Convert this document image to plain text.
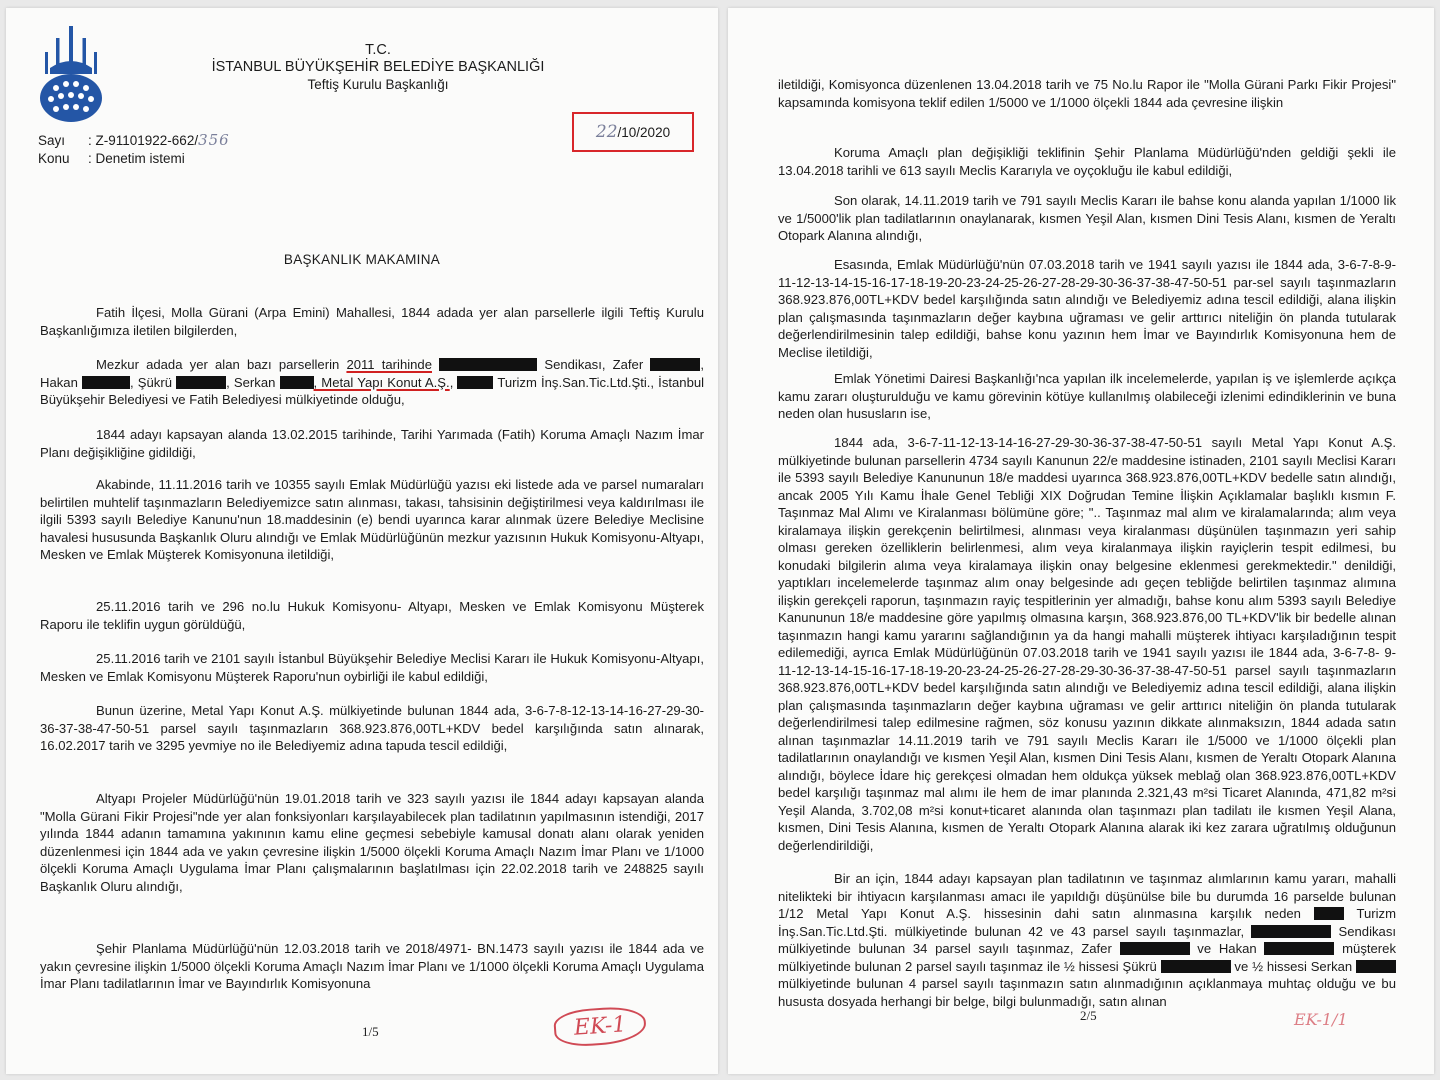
T.C.
İSTANBUL BÜYÜKŞEHİR BELEDİYE BAŞKANLIĞI
Teftiş Kurulu Başkanlığı
Sayı : Z-91101922-662/356
Konu : Denetim istemi
22/10/2020
BAŞKANLIK MAKAMINA

Fatih İlçesi, Molla Gürani (Arpa Emini) Mahallesi, 1844 adada yer alan parsellerle ilgili Teftiş Kurulu Başkanlığımıza iletilen bilgilerden,

Mezkur adada yer alan bazı parsellerin 2011 tarihinde	Sendikası, Zafer	, Hakan	, Şükrü	, Serkan	, Metal Yapı Konut A.Ş.,	Turizm İnş.San.Tic.Ltd.Şti., İstanbul Büyükşehir Belediyesi ve Fatih Belediyesi mülkiyetinde olduğu,

1844 adayı kapsayan alanda 13.02.2015 tarihinde, Tarihi Yarımada (Fatih) Koruma Amaçlı Nazım İmar Planı değişikliğine gidildiği,

Akabinde, 11.11.2016 tarih ve 10355 sayılı Emlak Müdürlüğü yazısı eki listede ada ve parsel numaraları belirtilen muhtelif taşınmazların Belediyemizce satın alınması, takası, tahsisinin değiştirilmesi veya kaldırılması ile ilgili 5393 sayılı Belediye Kanunu'nun 18.maddesinin (e) bendi uyarınca karar alınmak üzere Belediye Meclisine havalesi hususunda Başkanlık Oluru alındığı ve Emlak Müdürlüğünün mezkur yazısının Hukuk Komisyonu-Altyapı, Mesken ve Emlak Müşterek Komisyonuna iletildiği,

25.11.2016 tarih ve 296 no.lu Hukuk Komisyonu- Altyapı, Mesken ve Emlak Komisyonu Müşterek Raporu ile teklifin uygun görüldüğü,

25.11.2016 tarih ve 2101 sayılı İstanbul Büyükşehir Belediye Meclisi Kararı ile Hukuk Komisyonu-Altyapı, Mesken ve Emlak Komisyonu Müşterek Raporu'nun oybirliği ile kabul edildiği,

Bunun üzerine, Metal Yapı Konut A.Ş. mülkiyetinde bulunan 1844 ada, 3-6-7-8-12-13-14-16-27-29-30-36-37-38-47-50-51 parsel sayılı taşınmazların 368.923.876,00TL+KDV bedel karşılığında satın alınarak, 16.02.2017 tarih ve 3295 yevmiye no ile Belediyemiz adına tapuda tescil edildiği,

Altyapı Projeler Müdürlüğü'nün 19.01.2018 tarih ve 323 sayılı yazısı ile 1844 adayı kapsayan alanda "Molla Gürani Fikir Projesi"nde yer alan fonksiyonları karşılayabilecek plan tadilatının yapılmasının istendiği, 2017 yılında 1844 adanın tamamına yakınının kamu eline geçmesi sebebiyle kamusal donatı alanı olarak yeniden düzenlenmesi için 1844 ada ve yakın çevresine ilişkin 1/5000 ölçekli Koruma Amaçlı Nazım İmar Planı ve 1/1000 ölçekli Koruma Amaçlı Uygulama İmar Planı çalışmalarının başlatılması için 22.02.2018 tarih ve 248825 sayılı Başkanlık Oluru alındığı,

Şehir Planlama Müdürlüğü'nün 12.03.2018 tarih ve 2018/4971- BN.1473 sayılı yazısı ile 1844 ada ve yakın çevresine ilişkin 1/5000 ölçekli Koruma Amaçlı Nazım İmar Planı ve 1/1000 ölçekli Koruma Amaçlı Uygulama İmar Planı tadilatlarının İmar ve Bayındırlık Komisyonuna

1/5	EK-1

iletildiği, Komisyonca düzenlenen 13.04.2018 tarih ve 75 No.lu Rapor ile "Molla Gürani Parkı Fikir Projesi" kapsamında komisyona teklif edilen 1/5000 ve 1/1000 ölçekli 1844 ada çevresine ilişkin

Koruma Amaçlı plan değişikliği teklifinin Şehir Planlama Müdürlüğü'nden geldiği şekli ile 13.04.2018 tarihli ve 613 sayılı Meclis Kararıyla ve oyçokluğu ile kabul edildiği,

Son olarak, 14.11.2019 tarih ve 791 sayılı Meclis Kararı ile bahse konu alanda yapılan 1/1000 lik ve 1/5000'lik plan tadilatlarının onaylanarak, kısmen Yeşil Alan, kısmen Dini Tesis Alanı, kısmen de Yeraltı Otopark Alanına alındığı,

Esasında, Emlak Müdürlüğü'nün 07.03.2018 tarih ve 1941 sayılı yazısı ile 1844 ada, 3-6-7-8-9-11-12-13-14-15-16-17-18-19-20-23-24-25-26-27-28-29-30-36-37-38-47-50-51 par-sel sayılı taşınmazların 368.923.876,00TL+KDV bedel karşılığında satın alındığı ve Belediyemiz adına tescil edildiği, alana ilişkin plan çalışmasında taşınmazların değer kaybına uğraması ve gelir arttırıcı niteliğin ön planda tutularak değerlendirilmesinin talep edildiği, bahse konu yazının hem İmar ve Bayındırlık Komisyonuna hem de Meclise iletildiği,

Emlak Yönetimi Dairesi Başkanlığı'nca yapılan ilk incelemelerde, yapılan iş ve işlemlerde açıkça kamu zararı oluşturulduğu ve kamu görevinin kötüye kullanılmış olabileceği izlenimi edindiklerinin ve buna neden olan hususların ise,

1844 ada, 3-6-7-11-12-13-14-16-27-29-30-36-37-38-47-50-51 sayılı Metal Yapı Konut A.Ş. mülkiyetinde bulunan parsellerin 4734 sayılı Kanunun 22/e maddesine istinaden, 2101 sayılı Meclisi Kararı ile 5393 sayılı Belediye Kanununun 18/e maddesi uyarınca 368.923.876,00TL+KDV bedelle satın alındığı, ancak 2005 Yılı Kamu İhale Genel Tebliği XIX Doğrudan Temine İlişkin Açıklamalar başlıklı kısmın F. Taşınmaz Mal Alımı ve Kiralanması bölümüne göre; ".. Taşınmaz mal alım ve kiralamalarında; alım veya kiralamaya ilişkin gerekçenin belirtilmesi, alınması veya kiralanması düşünülen taşınmazın yeri sahip olması gereken özelliklerin belirlenmesi, alım veya kiralanmaya ilişkin rayiçlerin tespit edilmesi, bu konudaki bilgilerin alıma veya kiralamaya ilişkin onay belgesine eklenmesi gerekmektedir." denildiği, yaptıkları incelemelerde taşınmaz alım onay belgesinde adı geçen tebliğde belirtilen taşınmaz alımına ilişkin gerekçeli raporun, taşınmazın rayiç tespitlerinin yer almadığı, bahse konu alım 5393 sayılı Belediye Kanununun 18/e maddesine göre yapılmış olmasına karşın, 368.923.876,00 TL+KDV'lik bir bedelle alınan taşınmazın hangi kamu yararını sağlandığının ya da hangi mahalli müşterek ihtiyacı karşıladığının tespit edilemediği, ayrıca Emlak Müdürlüğünün 07.03.2018 tarih ve 1941 sayılı yazısı ile 1844 ada, 3-6-7-8- 9-11-12-13-14-15-16-17-18-19-20-23-24-25-26-27-28-29-30-36-37-38-47-50-51 parsel sayılı taşınmazların 368.923.876,00TL+KDV bedel karşılığında satın alındığı ve Belediyemiz adına tescil edildiği, alana ilişkin plan çalışmasında taşınmazların değer kaybına uğraması ve gelir arttırıcı niteliğin ön planda tutularak değerlendirilmesi talep edilmesine rağmen, söz konusu yazının dikkate alınmaksızın, 1844 adada satın alınan taşınmazlar 14.11.2019 tarih ve 791 sayılı Meclis Kararı ile 1/5000 ve 1/1000 ölçekli plan tadilatlarının onaylandığı ve kısmen Yeşil Alan, kısmen Dini Tesis Alanı, kısmen de Yeraltı Otopark Alanına alındığı, böylece İdare hiç gerekçesi olmadan hem oldukça yüksek meblağ olan 368.923.876,00TL+KDV bedel karşılığı taşınmaz mal alımı ile hem de imar planında 2.321,43 m²si Ticaret Alanında, 471,82 m²si Yeşil Alanda, 3.702,08 m²si konut+ticaret alanında olan taşınmazı plan tadilatı ile kısmen Yeşil Alana, kısmen, Dini Tesis Alanına, kısmen de Yeraltı Otopark Alanına alarak iki kez zarara uğratılmış olduğunun değerlendirildiği,

Bir an için, 1844 adayı kapsayan plan tadilatının ve taşınmaz alımlarının kamu yararı, mahalli nitelikteki bir ihtiyacın karşılanması amacı ile yapıldığı düşünülse bile bu durumda 16 parselde bulunan 1/12 Metal Yapı Konut A.Ş. hissesinin dahi satın alınmasına karşılık neden	Turizm İnş.San.Tic.Ltd.Şti. mülkiyetinde bulunan 42 ve 43 parsel sayılı taşınmazlar,	Sendikası mülkiyetinde bulunan 34 parsel sayılı taşınmaz, Zafer	ve Hakan	müşterek mülkiyetinde bulunan 2 parsel sayılı taşınmaz ile ½ hissesi Şükrü	ve ½ hissesi Serkan  mülkiyetinde bulunan 4 parsel sayılı taşınmazın satın alınmadığının açıklanmaya muhtaç olduğu ve bu hususta dosyada herhangi bir belge, bilgi bulunmadığı, satın alınan

2/5	EK-1/1
